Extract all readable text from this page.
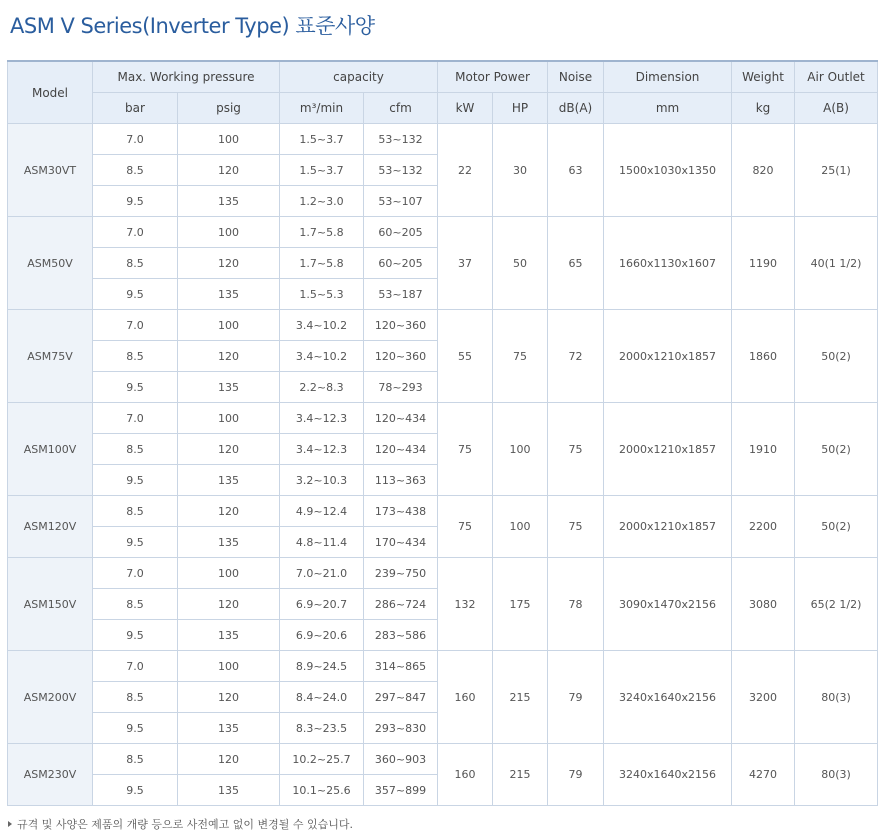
ASM V Series(Inverter Type) 표준사양
Model	Max. Working pressure		capacity		Motor Power		Noise	Dimension	Weight	Air Outlet
	bar	psig	m³/min	cfm	kW	HP	dB(A)	mm	kg	A(B)
ASM30VT	7.0	100	1.5~3.7	53~132	22	30	63	1500x1030x1350	820	25(1)
	8.5	120	1.5~3.7	53~132						
	9.5	135	1.2~3.0	53~107						
ASM50V	7.0	100	1.7~5.8	60~205	37	50	65	1660x1130x1607	1190	40(1 1/2)
	8.5	120	1.7~5.8	60~205						
	9.5	135	1.5~5.3	53~187						
ASM75V	7.0	100	3.4~10.2	120~360	55	75	72	2000x1210x1857	1860	50(2)
	8.5	120	3.4~10.2	120~360						
	9.5	135	2.2~8.3	78~293						
ASM100V	7.0	100	3.4~12.3	120~434	75	100	75	2000x1210x1857	1910	50(2)
	8.5	120	3.4~12.3	120~434						
	9.5	135	3.2~10.3	113~363						
ASM120V	8.5	120	4.9~12.4	173~438	75	100	75	2000x1210x1857	2200	50(2)
	9.5	135	4.8~11.4	170~434						
ASM150V	7.0	100	7.0~21.0	239~750	132	175	78	3090x1470x2156	3080	65(2 1/2)
	8.5	120	6.9~20.7	286~724						
	9.5	135	6.9~20.6	283~586						
ASM200V	7.0	100	8.9~24.5	314~865	160	215	79	3240x1640x2156	3200	80(3)
	8.5	120	8.4~24.0	297~847						
	9.5	135	8.3~23.5	293~830						
ASM230V	8.5	120	10.2~25.7	360~903	160	215	79	3240x1640x2156	4270	80(3)
	9.5	135	10.1~25.6	357~899						
규격 및 사양은 제품의 개량 등으로 사전예고 없이 변경될 수 있습니다.
